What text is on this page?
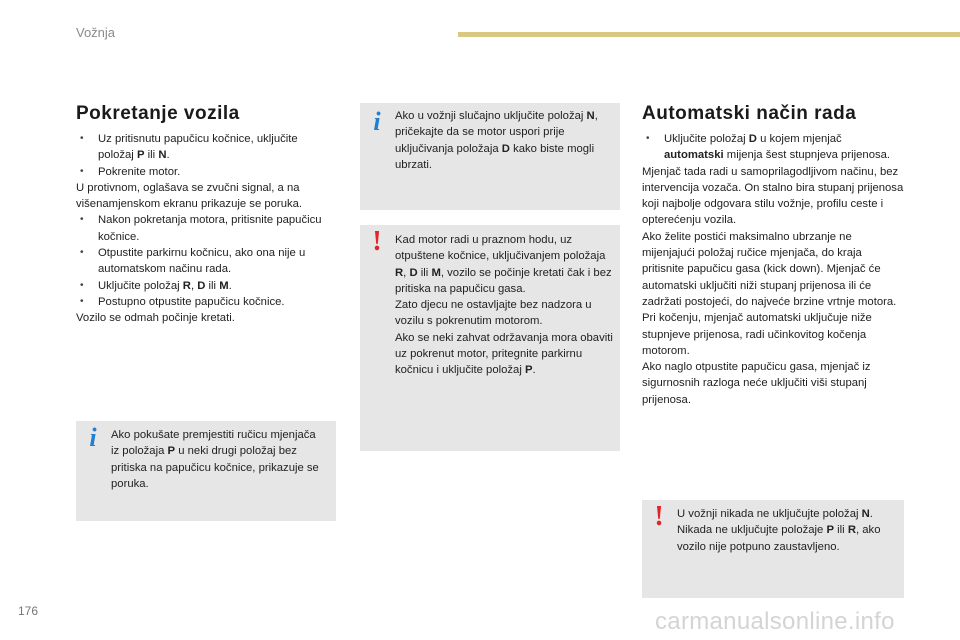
Vožnja
Pokretanje vozila

• Uz pritisnutu papučicu kočnice, uključite položaj P ili N.

• Pokrenite motor.

U protivnom, oglašava se zvučni signal, a na višenamjenskom ekranu prikazuje se poruka.

• Nakon pokretanja motora, pritisnite papučicu kočnice.

• Otpustite parkirnu kočnicu, ako ona nije u automatskom načinu rada.

• Uključite položaj R, D ili M.

• Postupno otpustite papučicu kočnice.

Vozilo se odmah počinje kretati.

i	Ako pokušate premjestiti ručicu mjenjača iz položaja P u neki drugi položaj bez pritiska na papučicu kočnice, prikazuje se poruka.

i	Ako u vožnji slučajno uključite položaj N, pričekajte da se motor uspori prije uključivanja položaja D kako biste mogli ubrzati.

! Kad motor radi u praznom hodu, uz otpuštene kočnice, uključivanjem položaja R, D ili M, vozilo se počinje kretati čak i bez pritiska na papučicu gasa.

Zato djecu ne ostavljajte bez nadzora u vozilu s pokrenutim motorom.

Ako se neki zahvat održavanja mora obaviti uz pokrenut motor, pritegnite parkirnu kočnicu i uključite položaj P.

Automatski način rada

• Uključite položaj D u kojem mjenjač automatski mijenja šest stupnjeva prijenosa.

Mjenjač tada radi u samoprilagodljivom načinu, bez intervencija vozača. On stalno bira stupanj prijenosa koji najbolje odgovara stilu vožnje, profilu ceste i opterećenju vozila.

Ako želite postići maksimalno ubrzanje ne mijenjajući položaj ručice mjenjača, do kraja pritisnite papučicu gasa (kick down). Mjenjač će automatski uključiti niži stupanj prijenosa ili će zadržati postojeći, do najveće brzine vrtnje motora.

Pri kočenju, mjenjač automatski uključuje niže stupnjeve prijenosa, radi učinkovitog kočenja motorom.

Ako naglo otpustite papučicu gasa, mjenjač iz sigurnosnih razloga neće uključiti viši stupanj prijenosa.

! U vožnji nikada ne uključujte položaj N.

Nikada ne uključujte položaje P ili R, ako vozilo nije potpuno zaustavljeno.

176	carmanualsonline.info
